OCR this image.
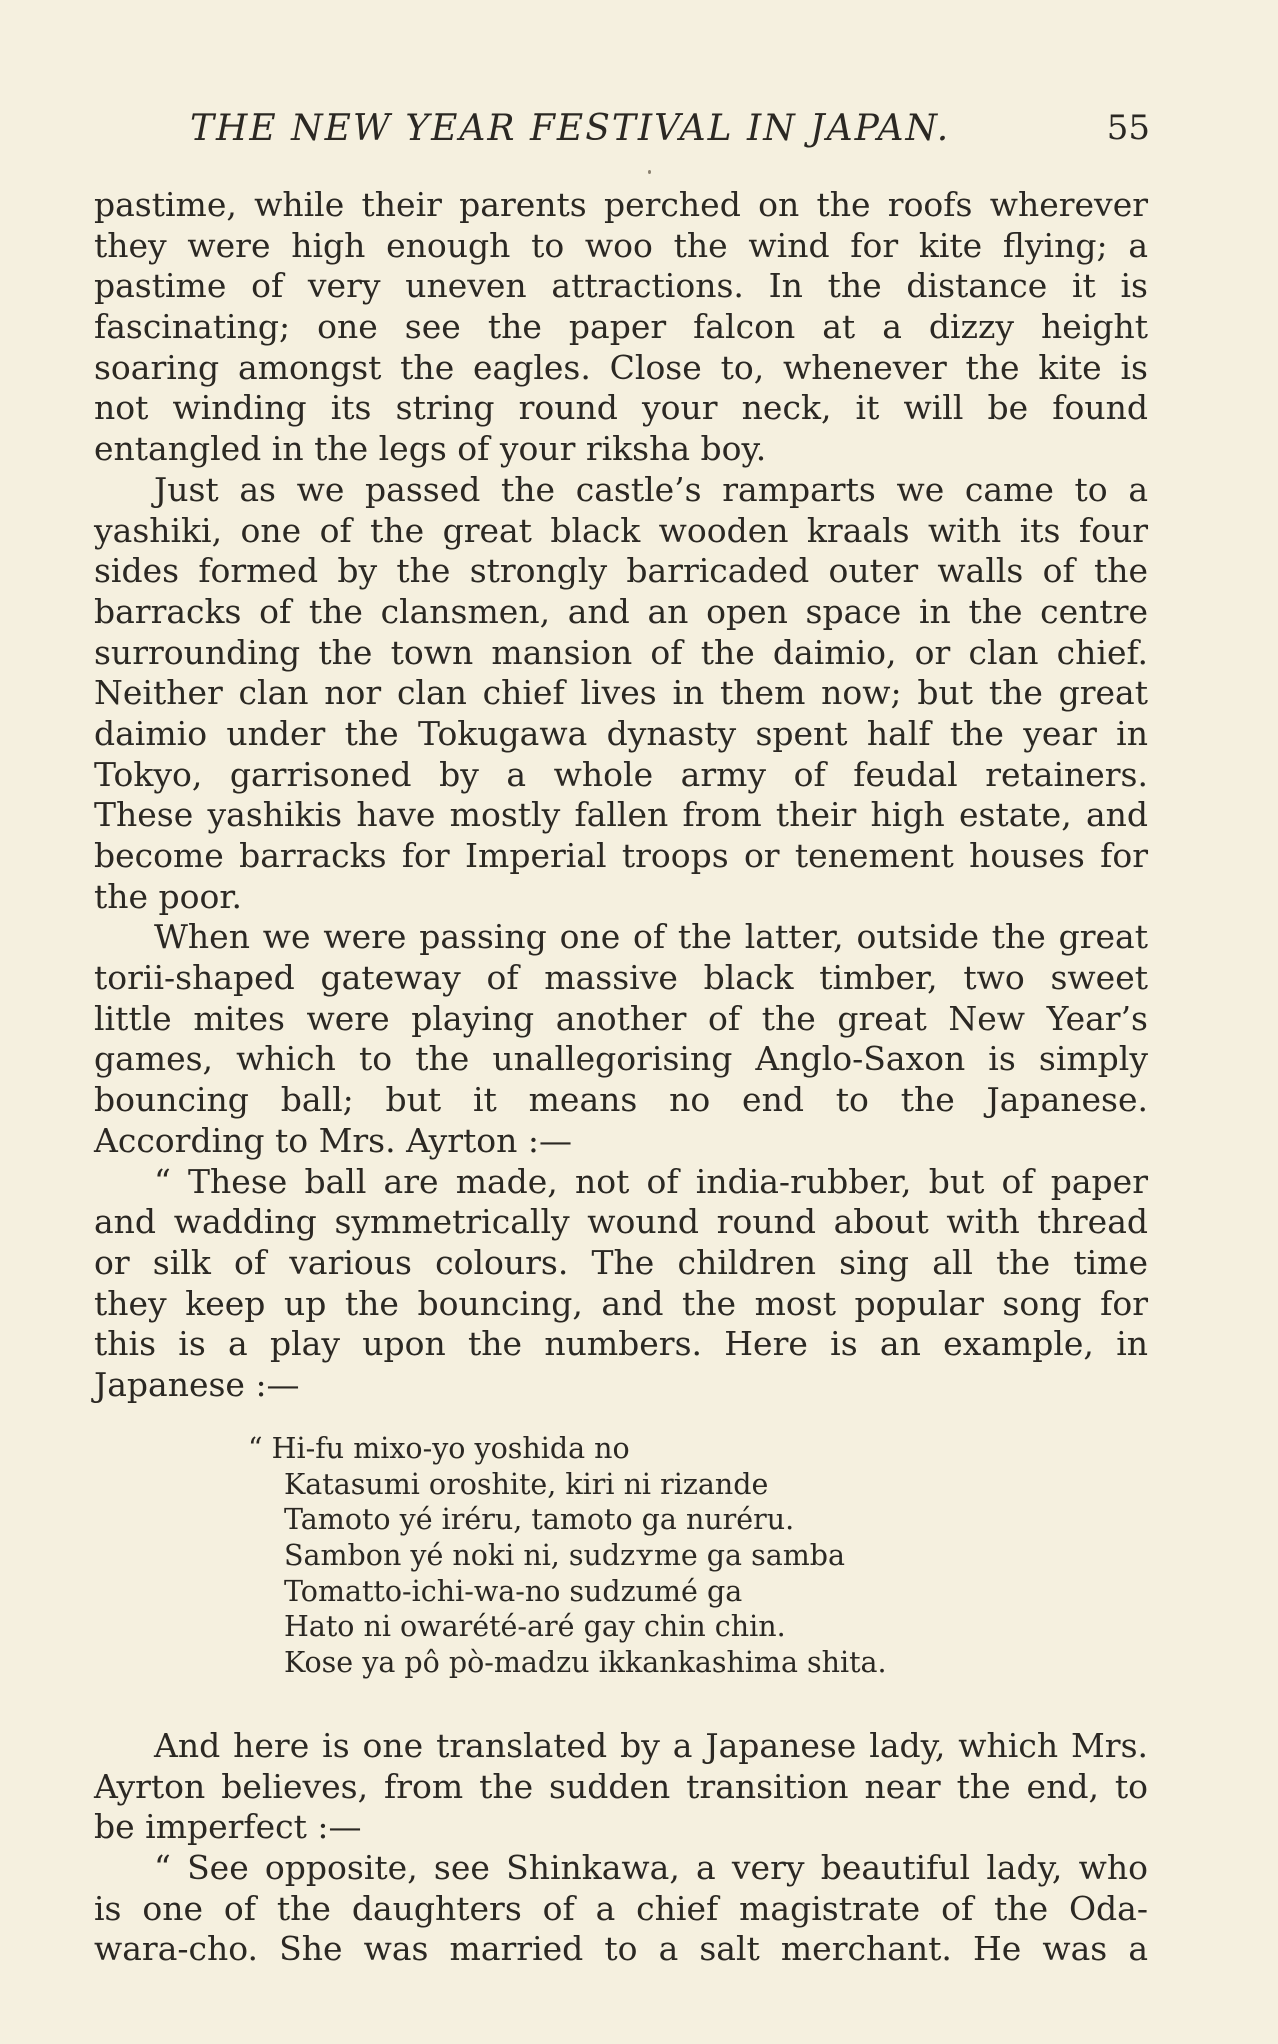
THE NEW YEAR FESTIVAL IN JAPAN.	55
pastime, while their parents perched on the roofs wherever
they were high enough to woo the wind for kite flying; a
pastime of very uneven attractions. In the distance it is
fascinating; one see the paper falcon at a dizzy height
soaring amongst the eagles. Close to, whenever the kite is
not winding its string round your neck, it will be found
entangled in the legs of your riksha boy.
Just as we passed the castle’s ramparts we came to a
yashiki, one of the great black wooden kraals with its four
sides formed by the strongly barricaded outer walls of the
barracks of the clansmen, and an open space in the centre
surrounding the town mansion of the daimio, or clan chief.
Neither clan nor clan chief lives in them now; but the great
daimio under the Tokugawa dynasty spent half the year in
Tokyo, garrisoned by a whole army of feudal retainers.
These yashikis have mostly fallen from their high estate, and
become barracks for Imperial troops or tenement houses for
the poor.
When we were passing one of the latter, outside the great
torii-shaped gateway of massive black timber, two sweet
little mites were playing another of the great New Year’s
games, which to the unallegorising Anglo-Saxon is simply
bouncing ball; but it means no end to the Japanese.
According to Mrs. Ayrton :—
“ These ball are made, not of india-rubber, but of paper
and wadding symmetrically wound round about with thread
or silk of various colours. The children sing all the time
they keep up the bouncing, and the most popular song for
this is a play upon the numbers. Here is an example, in
Japanese :—
“ Hi-fu mixo-yo yoshida no
Katasumi oroshite, kiri ni rizande
Tamoto yé iréru, tamoto ga nuréru.
Sambon yé noki ni, sudzʏme ga samba
Tomatto-ichi-wa-no sudzumé ga
Hato ni owarété-aré gay chin chin.
Kose ya pô pò-madzu ikkankashima shita.
And here is one translated by a Japanese lady, which Mrs.
Ayrton believes, from the sudden transition near the end, to
be imperfect :—
“ See opposite, see Shinkawa, a very beautiful lady, who
is one of the daughters of a chief magistrate of the Oda-
wara-cho. She was married to a salt merchant. He was a
